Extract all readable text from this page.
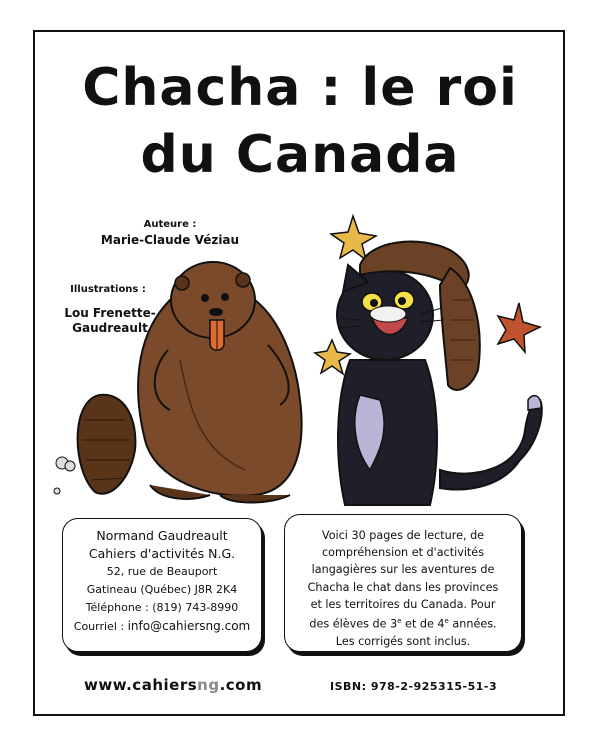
Chacha : le roi
du Canada
Auteure :
Marie-Claude Véziau
Illustrations :
Lou Frenette-
Gaudreault
Normand Gaudreault
Cahiers d'activités N.G.
52, rue de Beauport
Gatineau (Québec) J8R 2K4
Téléphone : (819) 743-8990
Courriel : info@cahiersng.com
Voici 30 pages de lecture, de
compréhension et d'activités
langagières sur les aventures de
Chacha le chat dans les provinces
et les territoires du Canada. Pour
des élèves de 3e et de 4e années.
Les corrigés sont inclus.
www.cahiersng.com	ISBN: 978-2-925315-51-3
